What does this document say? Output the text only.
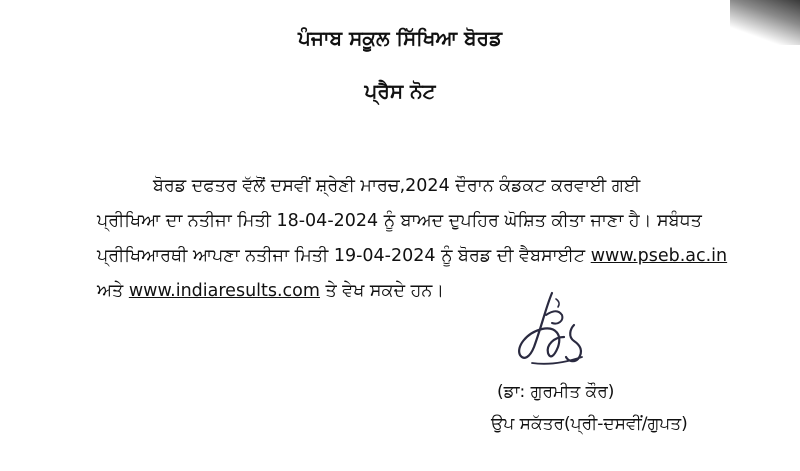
ਪੰਜਾਬ ਸਕੂਲ ਸਿੱਖਿਆ ਬੋਰਡ
ਪ੍ਰੈਸ ਨੋਟ
ਬੋਰਡ ਦਫਤਰ ਵੱਲੋਂ ਦਸਵੀਂ ਸ਼੍ਰੇਣੀ ਮਾਰਚ,2024 ਦੌਰਾਨ ਕੰਡਕਟ ਕਰਵਾਈ ਗਈ
ਪ੍ਰੀਖਿਆ ਦਾ ਨਤੀਜਾ ਮਿਤੀ 18-04-2024 ਨੂੰ ਬਾਅਦ ਦੁਪਹਿਰ ਘੋਸ਼ਿਤ ਕੀਤਾ ਜਾਣਾ ਹੈ। ਸਬੰਧਤ
ਪ੍ਰੀਖਿਆਰਥੀ ਆਪਣਾ ਨਤੀਜਾ ਮਿਤੀ 19-04-2024 ਨੂੰ ਬੋਰਡ ਦੀ ਵੈਬਸਾਈਟ www.pseb.ac.in
ਅਤੇ www.indiaresults.com ਤੇ ਵੇਖ ਸਕਦੇ ਹਨ।
(ਡਾ: ਗੁਰਮੀਤ ਕੌਰ)
ਉਪ ਸਕੱਤਰ(ਪ੍ਰੀ-ਦਸਵੀਂ/ਗੁਪਤ)
